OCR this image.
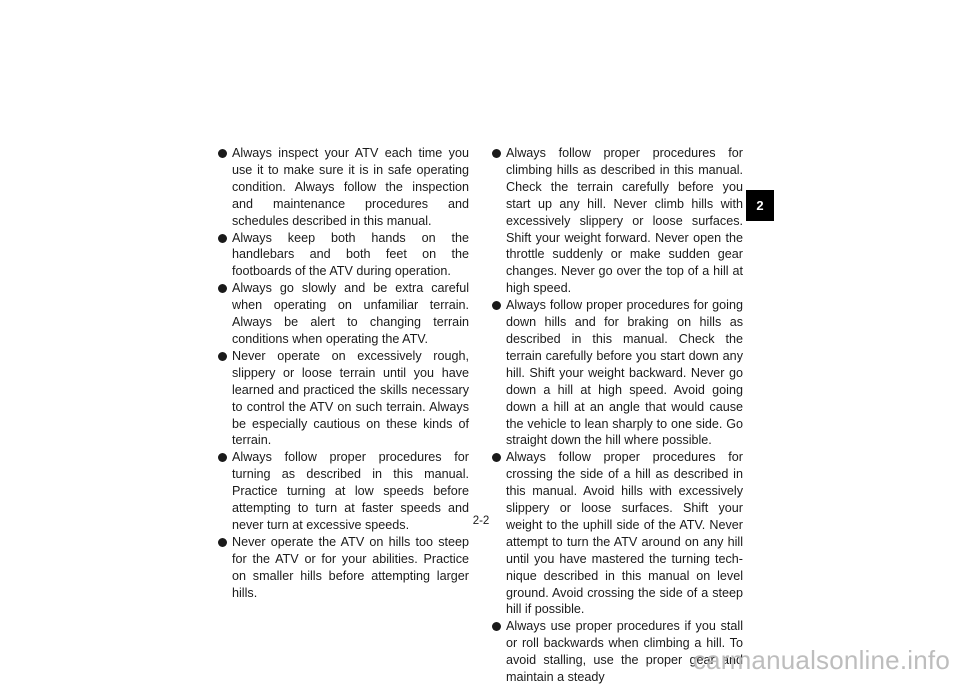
Always inspect your ATV each time you use it to make sure it is in safe operating condition. Always follow the inspection and maintenance procedures and schedules described in this manual.
Always keep both hands on the handlebars and both feet on the footboards of the ATV during operation.
Always go slowly and be extra careful when operating on unfamiliar terrain. Always be alert to changing terrain conditions when operating the ATV.
Never operate on excessively rough, slippery or loose terrain until you have learned and practiced the skills necessary to control the ATV on such terrain. Always be especially cautious on these kinds of terrain.
Always follow proper procedures for turning as described in this manual. Practice turning at low speeds before attempting to turn at faster speeds and never turn at excessive speeds.
Never operate the ATV on hills too steep for the ATV or for your abilities. Practice on smaller hills before attempting larger hills.
Always follow proper procedures for climbing hills as described in this manual. Check the terrain carefully before you start up any hill. Never climb hills with excessively slippery or loose surfaces. Shift your weight forward. Never open the throttle suddenly or make sudden gear changes. Never go over the top of a hill at high speed.
Always follow proper procedures for going down hills and for braking on hills as described in this manual. Check the terrain carefully before you start down any hill. Shift your weight backward. Never go down a hill at high speed. Avoid going down a hill at an angle that would cause the vehicle to lean sharply to one side. Go straight down the hill where possible.
Always follow proper procedures for crossing the side of a hill as described in this manual. Avoid hills with excessively slippery or loose surfaces. Shift your weight to the uphill side of the ATV. Never attempt to turn the ATV around on any hill until you have mastered the turning technique described in this manual on level ground. Avoid crossing the side of a steep hill if possible.
Always use proper procedures if you stall or roll backwards when climbing a hill. To avoid stalling, use the proper gear and maintain a steady
2
2-2
carmanualsonline.info
